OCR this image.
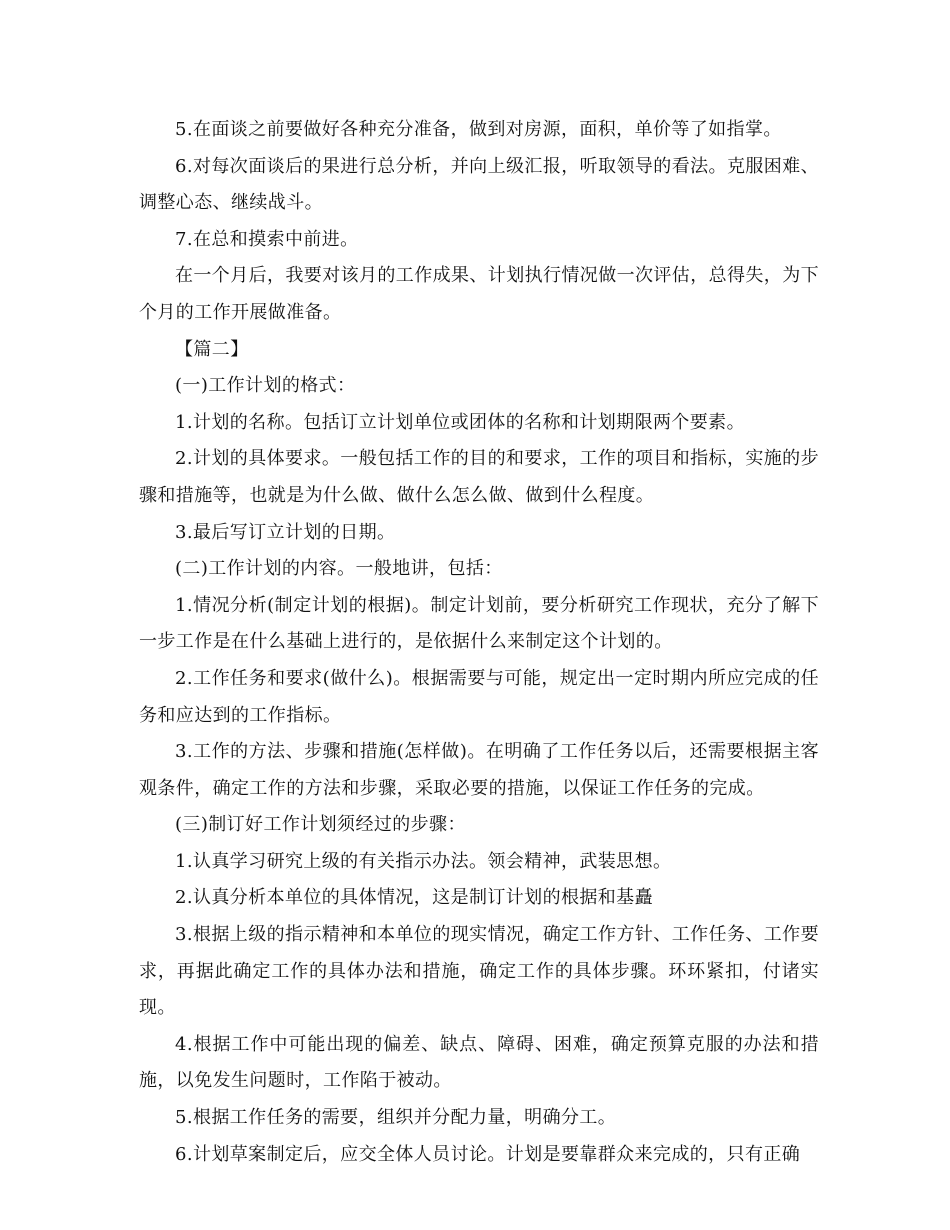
5.在面谈之前要做好各种充分准备，做到对房源，面积，单价等了如指掌。

6.对每次面谈后的果进行总分析，并向上级汇报，听取领导的看法。克服困难、调整心态、继续战斗。

7.在总和摸索中前进。

在一个月后，我要对该月的工作成果、计划执行情况做一次评估，总得失，为下个月的工作开展做准备。

【篇二】

(一)工作计划的格式：

1.计划的名称。包括订立计划单位或团体的名称和计划期限两个要素。

2.计划的具体要求。一般包括工作的目的和要求，工作的项目和指标，实施的步骤和措施等，也就是为什么做、做什么怎么做、做到什么程度。

3.最后写订立计划的日期。

(二)工作计划的内容。一般地讲，包括：

1.情况分析(制定计划的根据)。制定计划前，要分析研究工作现状，充分了解下一步工作是在什么基础上进行的，是依据什么来制定这个计划的。

2.工作任务和要求(做什么)。根据需要与可能，规定出一定时期内所应完成的任务和应达到的工作指标。

3.工作的方法、步骤和措施(怎样做)。在明确了工作任务以后，还需要根据主客观条件，确定工作的方法和步骤，采取必要的措施，以保证工作任务的完成。

(三)制订好工作计划须经过的步骤：

1.认真学习研究上级的有关指示办法。领会精神，武装思想。

2.认真分析本单位的具体情况，这是制订计划的根据和基矗

3.根据上级的指示精神和本单位的现实情况，确定工作方针、工作任务、工作要求，再据此确定工作的具体办法和措施，确定工作的具体步骤。环环紧扣，付诸实现。

4.根据工作中可能出现的偏差、缺点、障碍、困难，确定预算克服的办法和措施，以免发生问题时，工作陷于被动。

5.根据工作任务的需要，组织并分配力量，明确分工。

6.计划草案制定后，应交全体人员讨论。计划是要靠群众来完成的，只有正确
